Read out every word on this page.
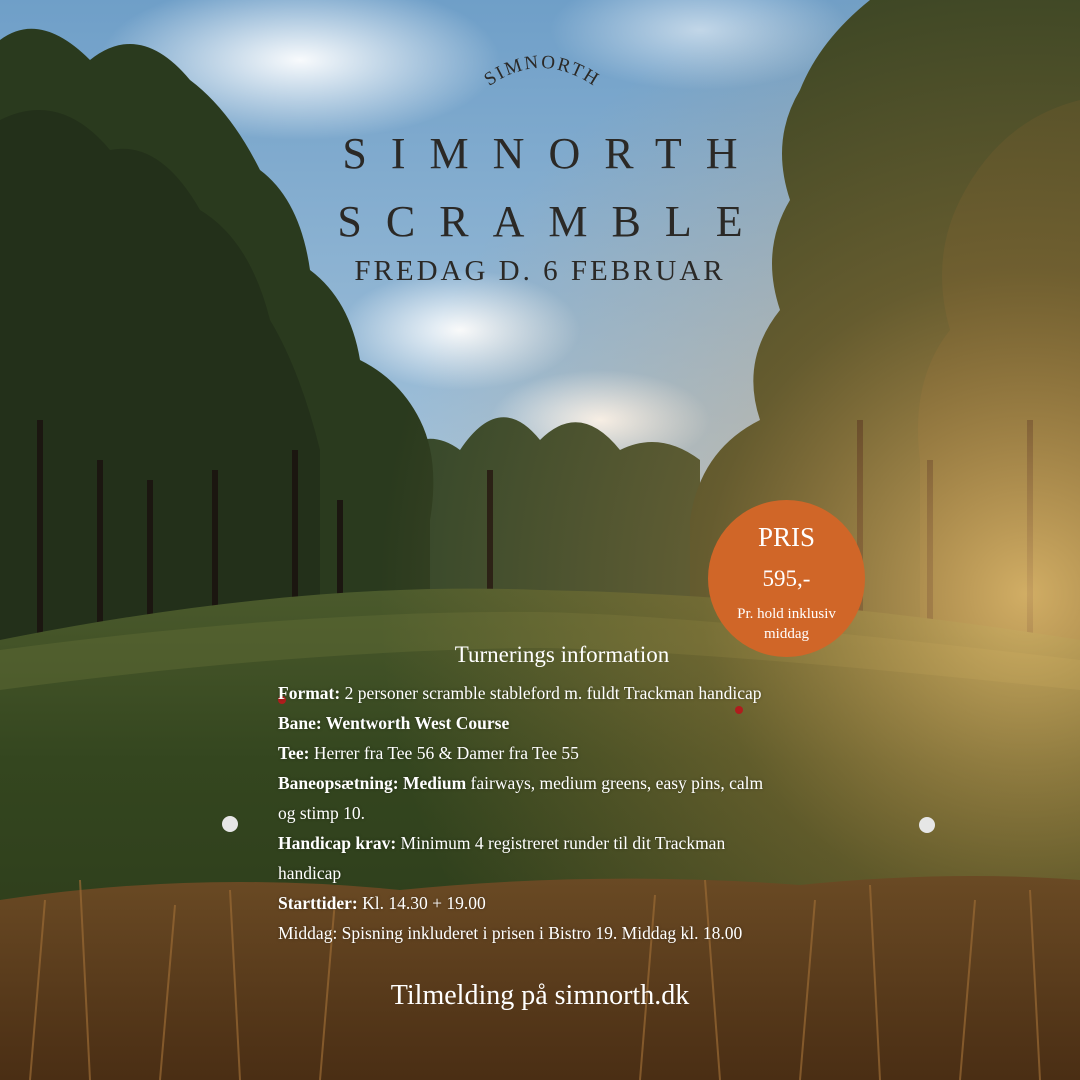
SIMNORTH
SIMNORTH
SCRAMBLE
FREDAG D. 6 FEBRUAR
PRIS
595,-
Pr. hold inklusiv middag
Turnerings information

Format: 2 personer scramble stableford m. fuldt Trackman handicap

Bane: Wentworth West Course

Tee: Herrer fra Tee 56 & Damer fra Tee 55

Baneopsætning: Medium fairways, medium greens, easy pins, calm

og stimp 10.

Handicap krav: Minimum 4 registreret runder til dit Trackman

handicap

Starttider: Kl. 14.30 + 19.00

Middag: Spisning inkluderet i prisen i Bistro 19. Middag kl. 18.00

Tilmelding på simnorth.dk
